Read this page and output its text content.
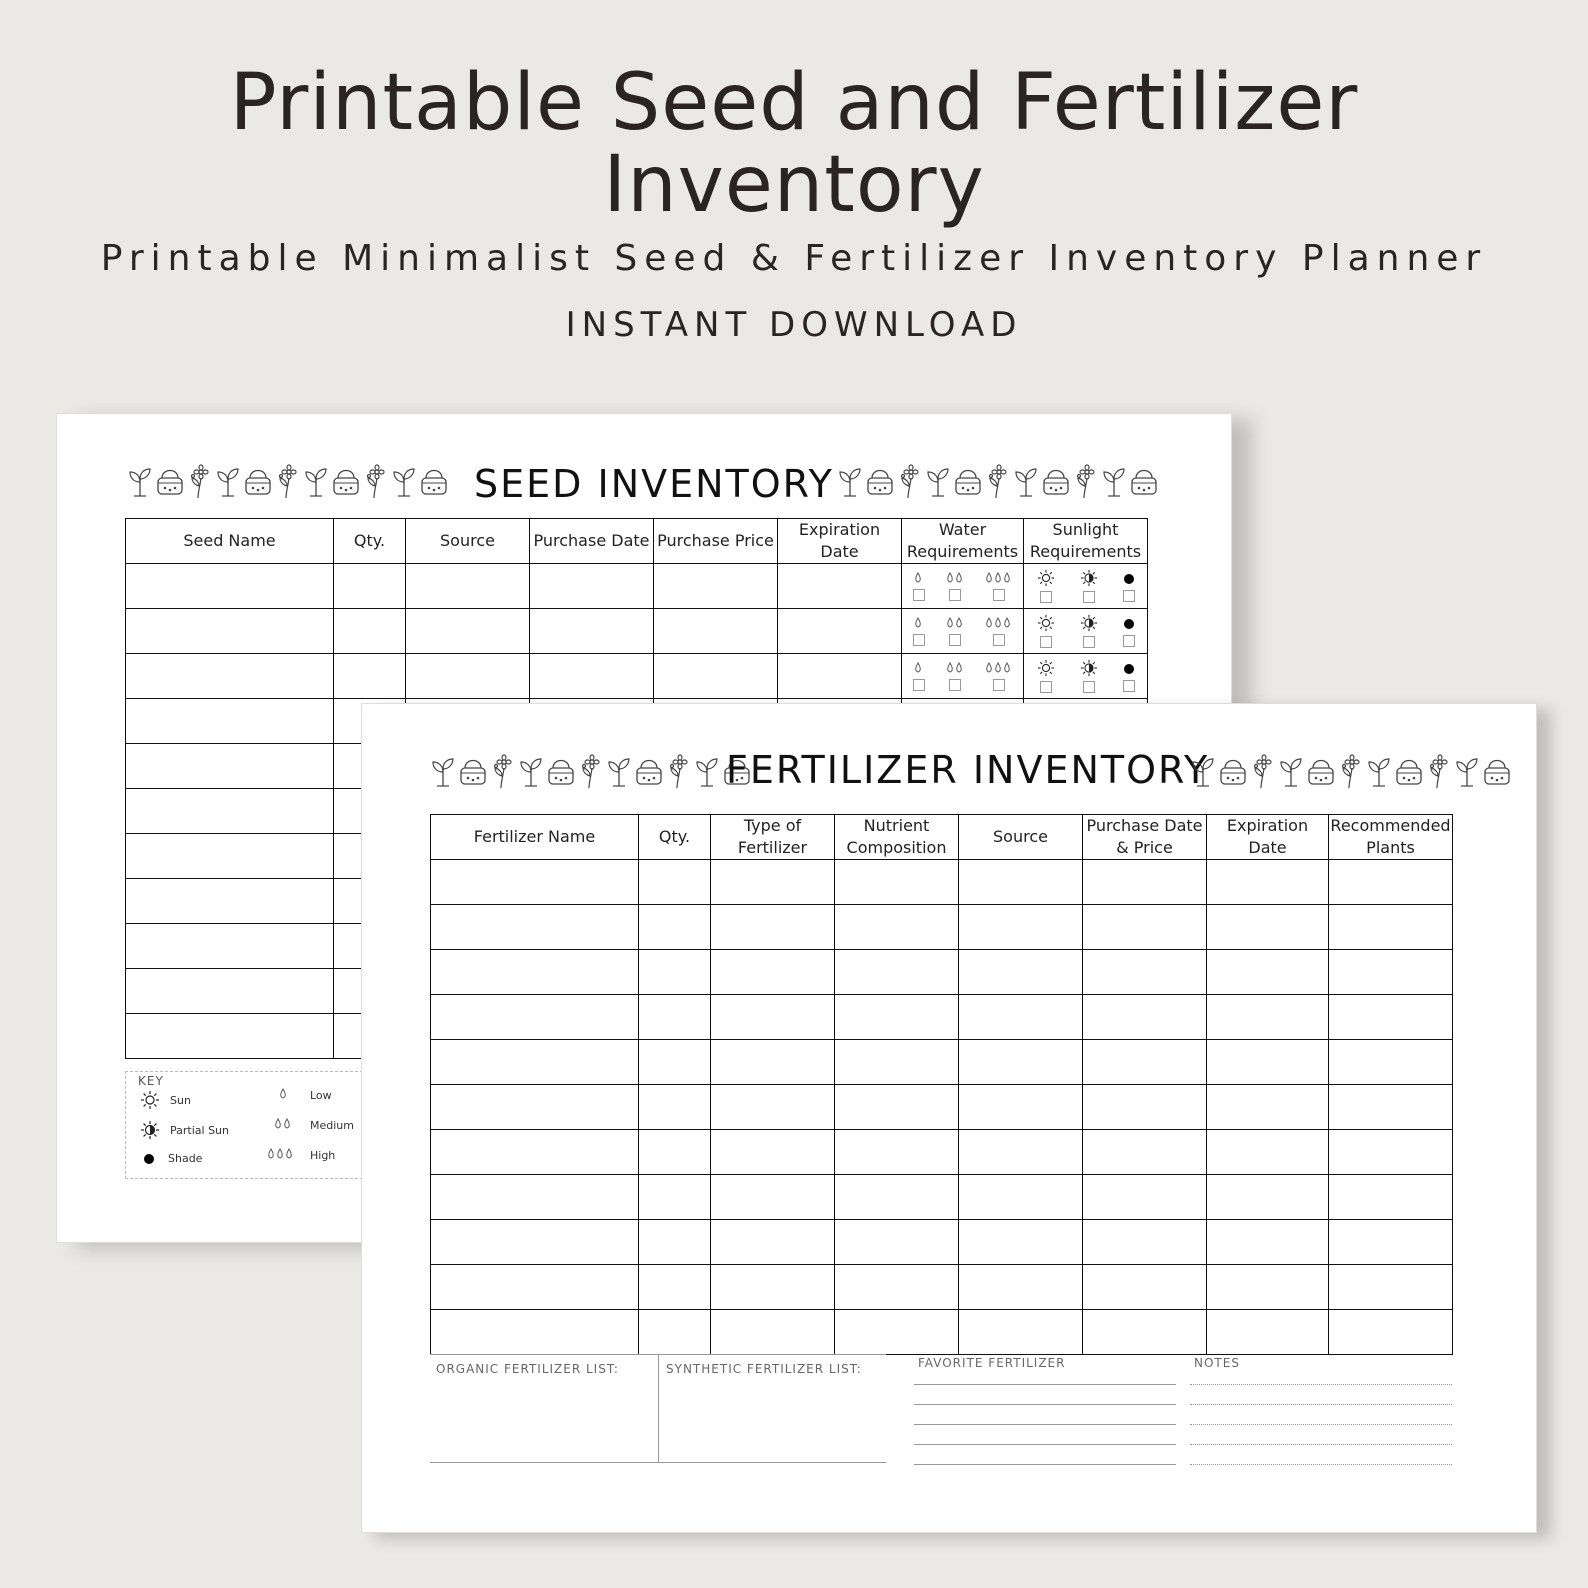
Printable Seed and Fertilizer
Inventory
Printable Minimalist Seed & Fertilizer Inventory Planner
INSTANT DOWNLOAD
SEED INVENTORY
Seed Name	Qty.	Source	Purchase Date	Purchase Price	Expiration Date	Water Requirements	Sunlight Requirements

KEY
Sun
Partial Sun
Shade
Low
Medium
High
FERTILIZER INVENTORY
Fertilizer Name	Qty.	Type of Fertilizer	Nutrient Composition	Source	Purchase Date & Price	Expiration Date	Recommended Plants

ORGANIC FERTILIZER LIST:	SYNTHETIC FERTILIZER LIST:	FAVORITE FERTILIZER	NOTES
